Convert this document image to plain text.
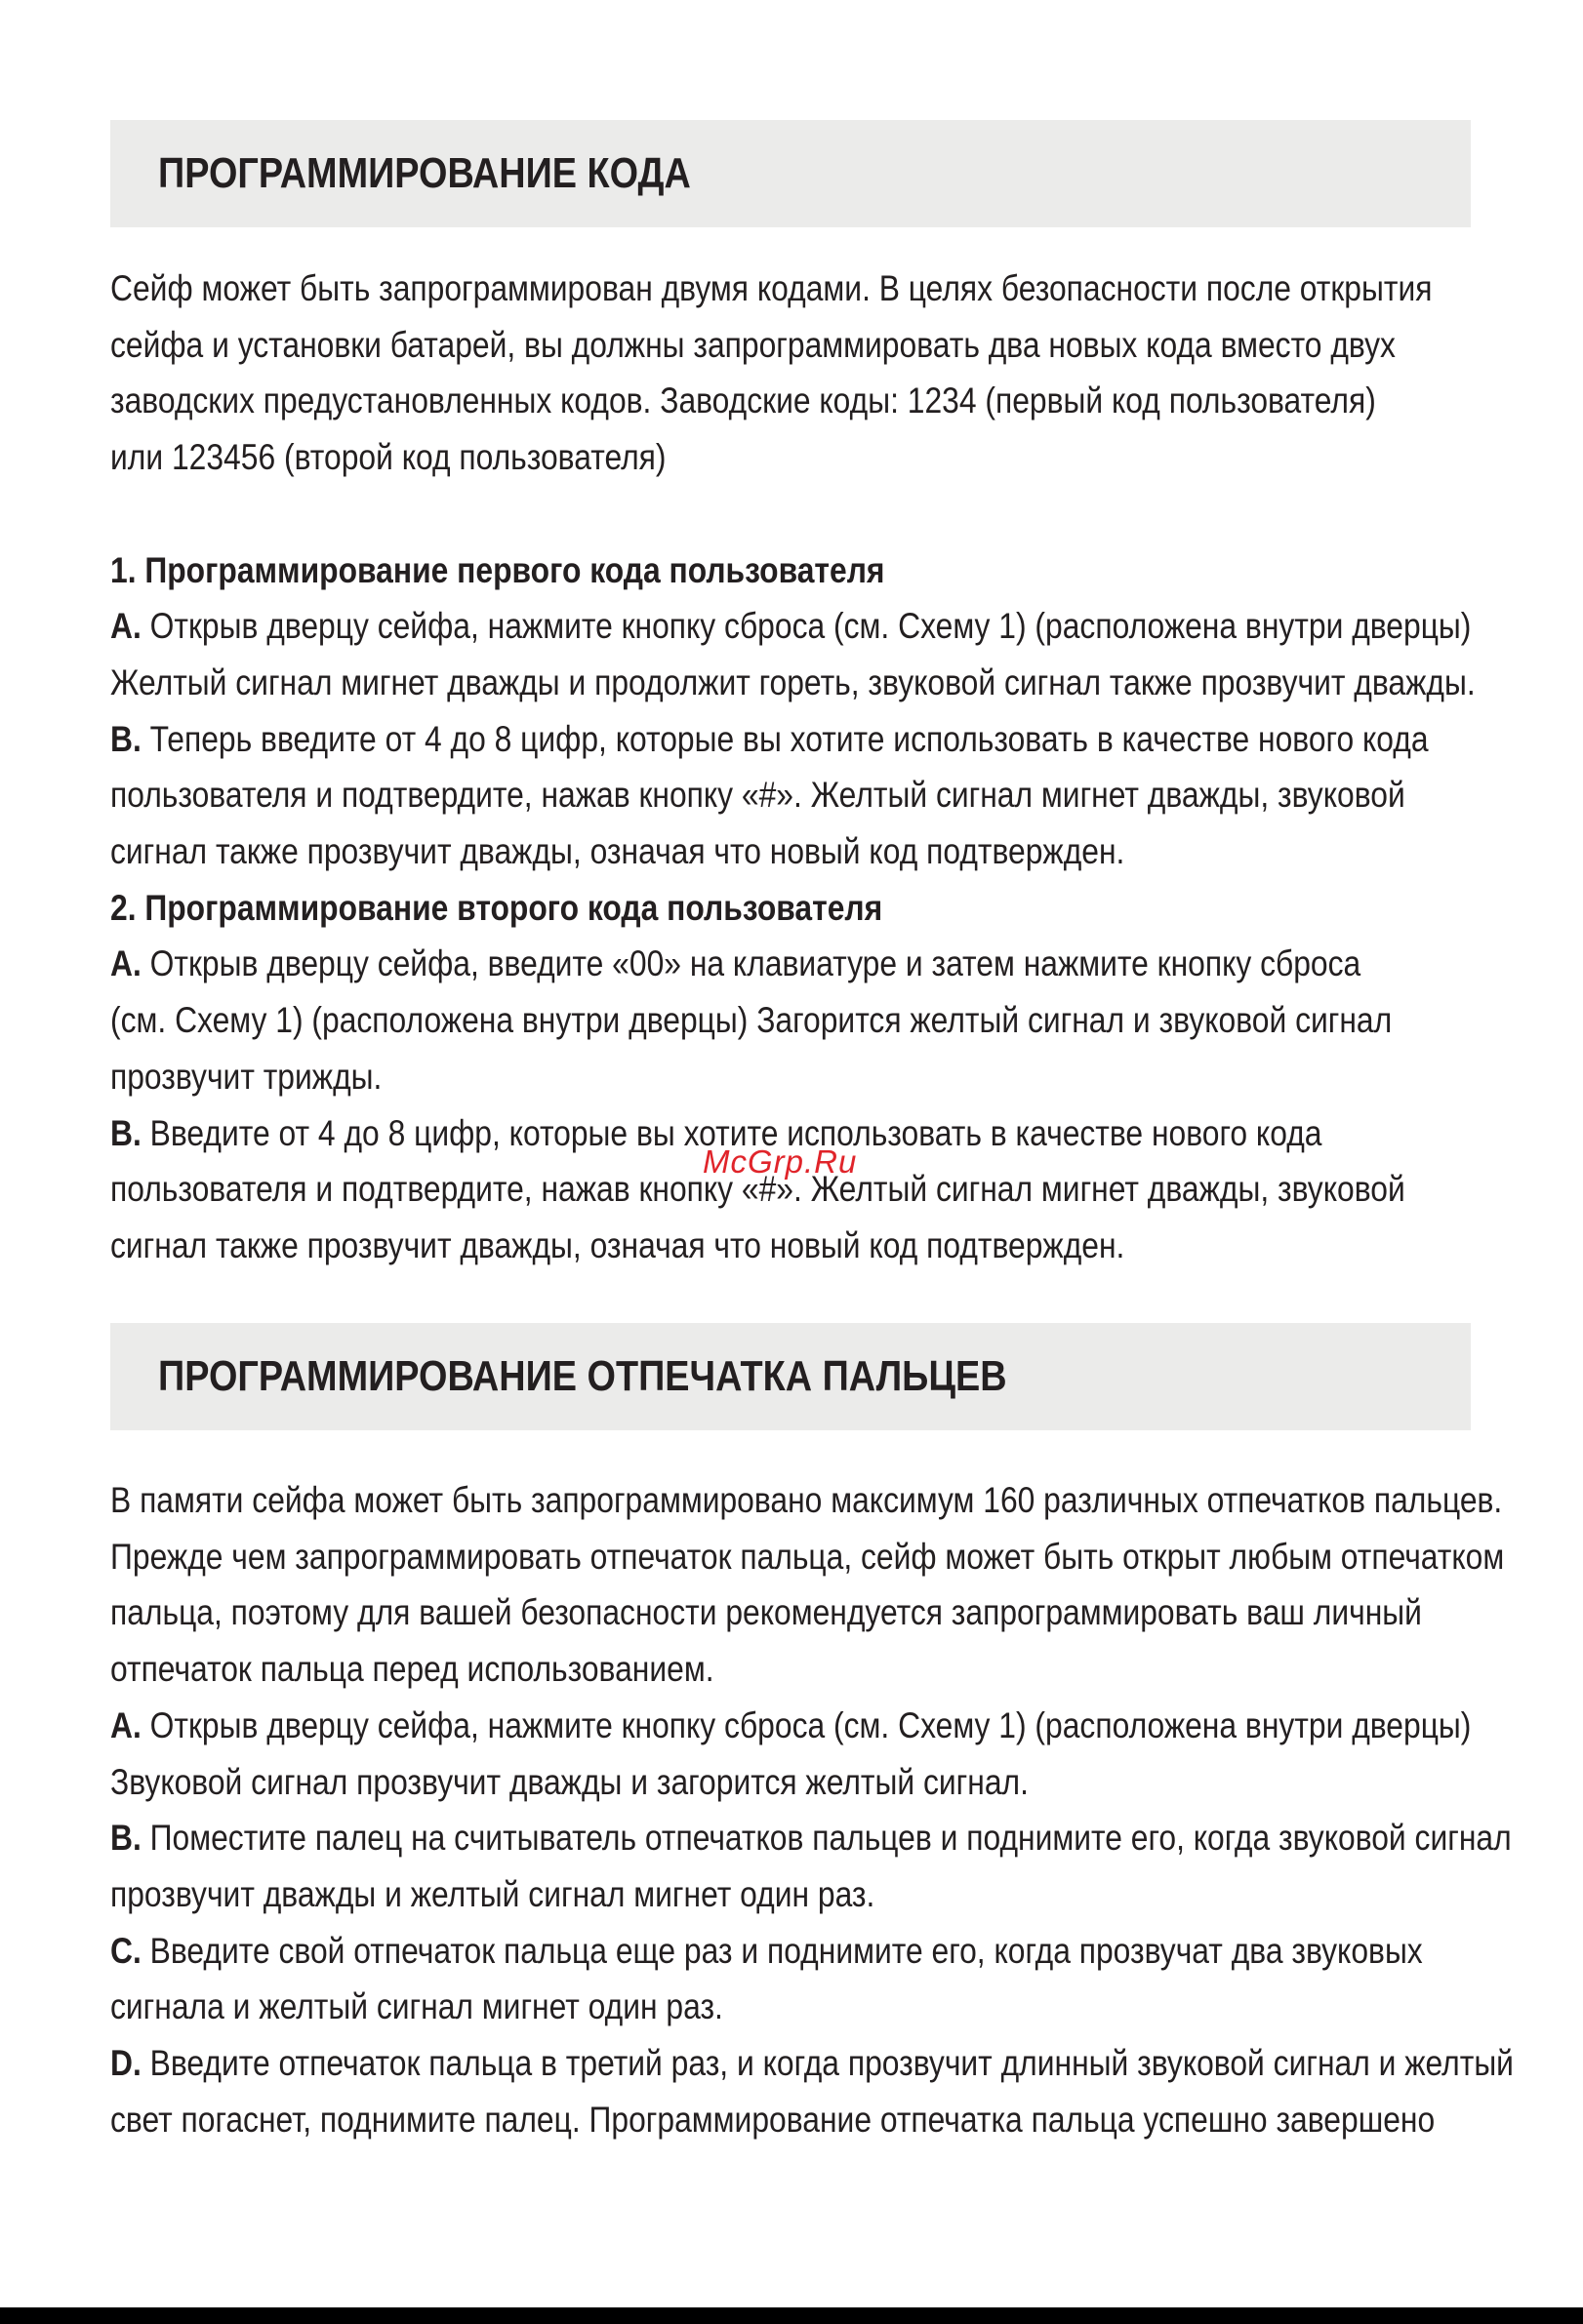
ПРОГРАММИРОВАНИЕ КОДА

Сейф может быть запрограммирован двумя кодами. В целях безопасности после открытия

сейфа и установки батарей, вы должны запрограммировать два новых кода вместо двух

заводских предустановленных кодов. Заводские коды: 1234 (первый код пользователя)

или 123456 (второй код пользователя)

1. Программирование первого кода пользователя

A. Открыв дверцу сейфа, нажмите кнопку сброса (см. Схему 1) (расположена внутри дверцы)

Желтый сигнал мигнет дважды и продолжит гореть, звуковой сигнал также прозвучит дважды.

B. Теперь введите от 4 до 8 цифр, которые вы хотите использовать в качестве нового кода

пользователя и подтвердите, нажав кнопку «#». Желтый сигнал мигнет дважды, звуковой

сигнал также прозвучит дважды, означая что новый код подтвержден.

2. Программирование второго кода пользователя

A. Открыв дверцу сейфа, введите «00» на клавиатуре и затем нажмите кнопку сброса

(см. Схему 1) (расположена внутри дверцы) Загорится желтый сигнал и звуковой сигнал

прозвучит трижды.

B. Введите от 4 до 8 цифр, которые вы хотите использовать в качестве нового кода

пользователя и подтвердите, нажав кнопку «#». Желтый сигнал мигнет дважды, звуковой

сигнал также прозвучит дважды, означая что новый код подтвержден.

ПРОГРАММИРОВАНИЕ ОТПЕЧАТКА ПАЛЬЦЕВ

В памяти сейфа может быть запрограммировано максимум 160 различных отпечатков пальцев.

Прежде чем запрограммировать отпечаток пальца, сейф может быть открыт любым отпечатком

пальца, поэтому для вашей безопасности рекомендуется запрограммировать ваш личный

отпечаток пальца перед использованием.

A. Открыв дверцу сейфа, нажмите кнопку сброса (см. Схему 1) (расположена внутри дверцы)

Звуковой сигнал прозвучит дважды и загорится желтый сигнал.

B. Поместите палец на считыватель отпечатков пальцев и поднимите его, когда звуковой сигнал

прозвучит дважды и желтый сигнал мигнет один раз.

C. Введите свой отпечаток пальца еще раз и поднимите его, когда прозвучат два звуковых

сигнала и желтый сигнал мигнет один раз.

D. Введите отпечаток пальца в третий раз, и когда прозвучит длинный звуковой сигнал и желтый

свет погаснет, поднимите палец. Программирование отпечатка пальца успешно завершено

McGrp.Ru
